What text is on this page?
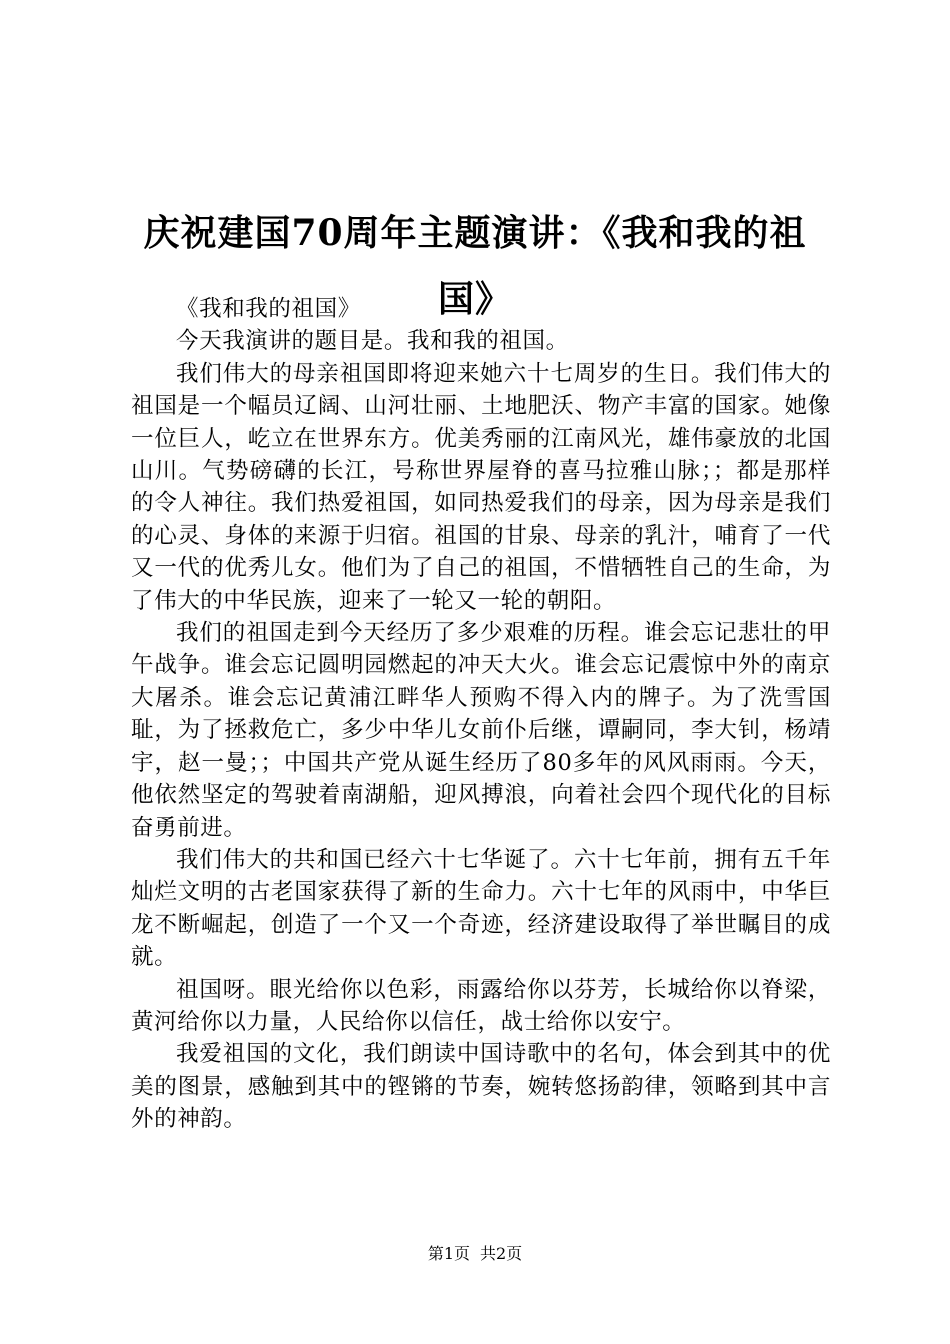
庆祝建国70周年主题演讲：《我和我的祖国》

《我和我的祖国》

今天我演讲的题目是。我和我的祖国。

我们伟大的母亲祖国即将迎来她六十七周岁的生日。我们伟大的祖国是一个幅员辽阔、山河壮丽、土地肥沃、物产丰富的国家。她像一位巨人，屹立在世界东方。优美秀丽的江南风光，雄伟豪放的北国山川。气势磅礴的长江，号称世界屋脊的喜马拉雅山脉；；都是那样的令人神往。我们热爱祖国，如同热爱我们的母亲，因为母亲是我们的心灵、身体的来源于归宿。祖国的甘泉、母亲的乳汁，哺育了一代又一代的优秀儿女。他们为了自己的祖国，不惜牺牲自己的生命，为了伟大的中华民族，迎来了一轮又一轮的朝阳。

我们的祖国走到今天经历了多少艰难的历程。谁会忘记悲壮的甲午战争。谁会忘记圆明园燃起的冲天大火。谁会忘记震惊中外的南京大屠杀。谁会忘记黄浦江畔华人预购不得入内的牌子。为了洗雪国耻，为了拯救危亡，多少中华儿女前仆后继，谭嗣同，李大钊，杨靖宇，赵一曼；；中国共产党从诞生经历了80多年的风风雨雨。今天，他依然坚定的驾驶着南湖船，迎风搏浪，向着社会四个现代化的目标奋勇前进。

我们伟大的共和国已经六十七华诞了。六十七年前，拥有五千年灿烂文明的古老国家获得了新的生命力。六十七年的风雨中，中华巨龙不断崛起，创造了一个又一个奇迹，经济建设取得了举世瞩目的成就。

祖国呀。眼光给你以色彩，雨露给你以芬芳，长城给你以脊梁，黄河给你以力量，人民给你以信任，战士给你以安宁。

我爱祖国的文化，我们朗读中国诗歌中的名句，体会到其中的优美的图景，感触到其中的铿锵的节奏，婉转悠扬韵律，领略到其中言外的神韵。

第1页 共2页
